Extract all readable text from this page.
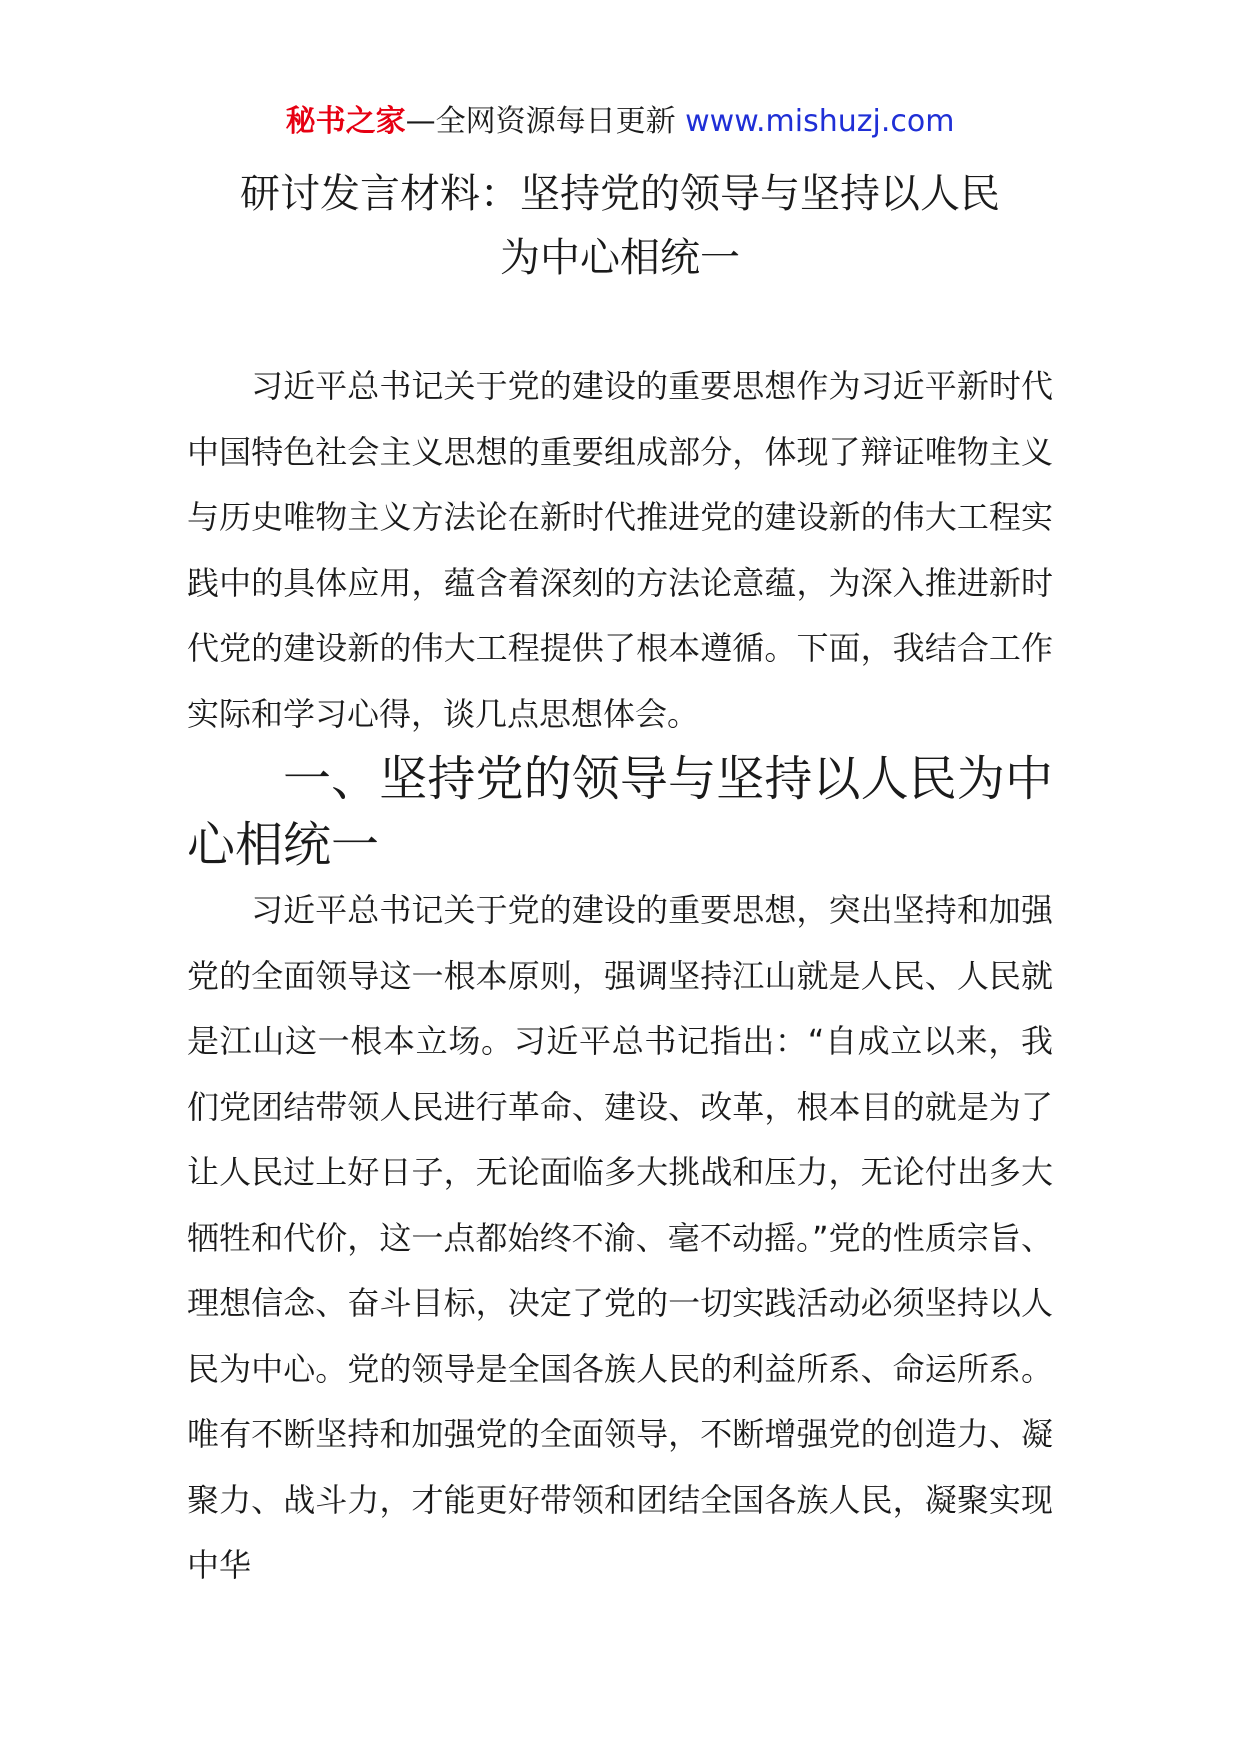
秘书之家—全网资源每日更新 www.mishuzj.com
研讨发言材料：坚持党的领导与坚持以人民
为中心相统一

习近平总书记关于党的建设的重要思想作为习近平新时代中国特色社会主义思想的重要组成部分，体现了辩证唯物主义与历史唯物主义方法论在新时代推进党的建设新的伟大工程实践中的具体应用，蕴含着深刻的方法论意蕴，为深入推进新时代党的建设新的伟大工程提供了根本遵循。下面，我结合工作实际和学习心得，谈几点思想体会。

一、坚持党的领导与坚持以人民为中心相统一

习近平总书记关于党的建设的重要思想，突出坚持和加强党的全面领导这一根本原则，强调坚持江山就是人民、人民就是江山这一根本立场。习近平总书记指出：“自成立以来，我们党团结带领人民进行革命、建设、改革，根本目的就是为了让人民过上好日子，无论面临多大挑战和压力，无论付出多大牺牲和代价，这一点都始终不渝、毫不动摇。”党的性质宗旨、理想信念、奋斗目标，决定了党的一切实践活动必须坚持以人民为中心。党的领导是全国各族人民的利益所系、命运所系。唯有不断坚持和加强党的全面领导，不断增强党的创造力、凝聚力、战斗力，才能更好带领和团结全国各族人民，凝聚实现中华
